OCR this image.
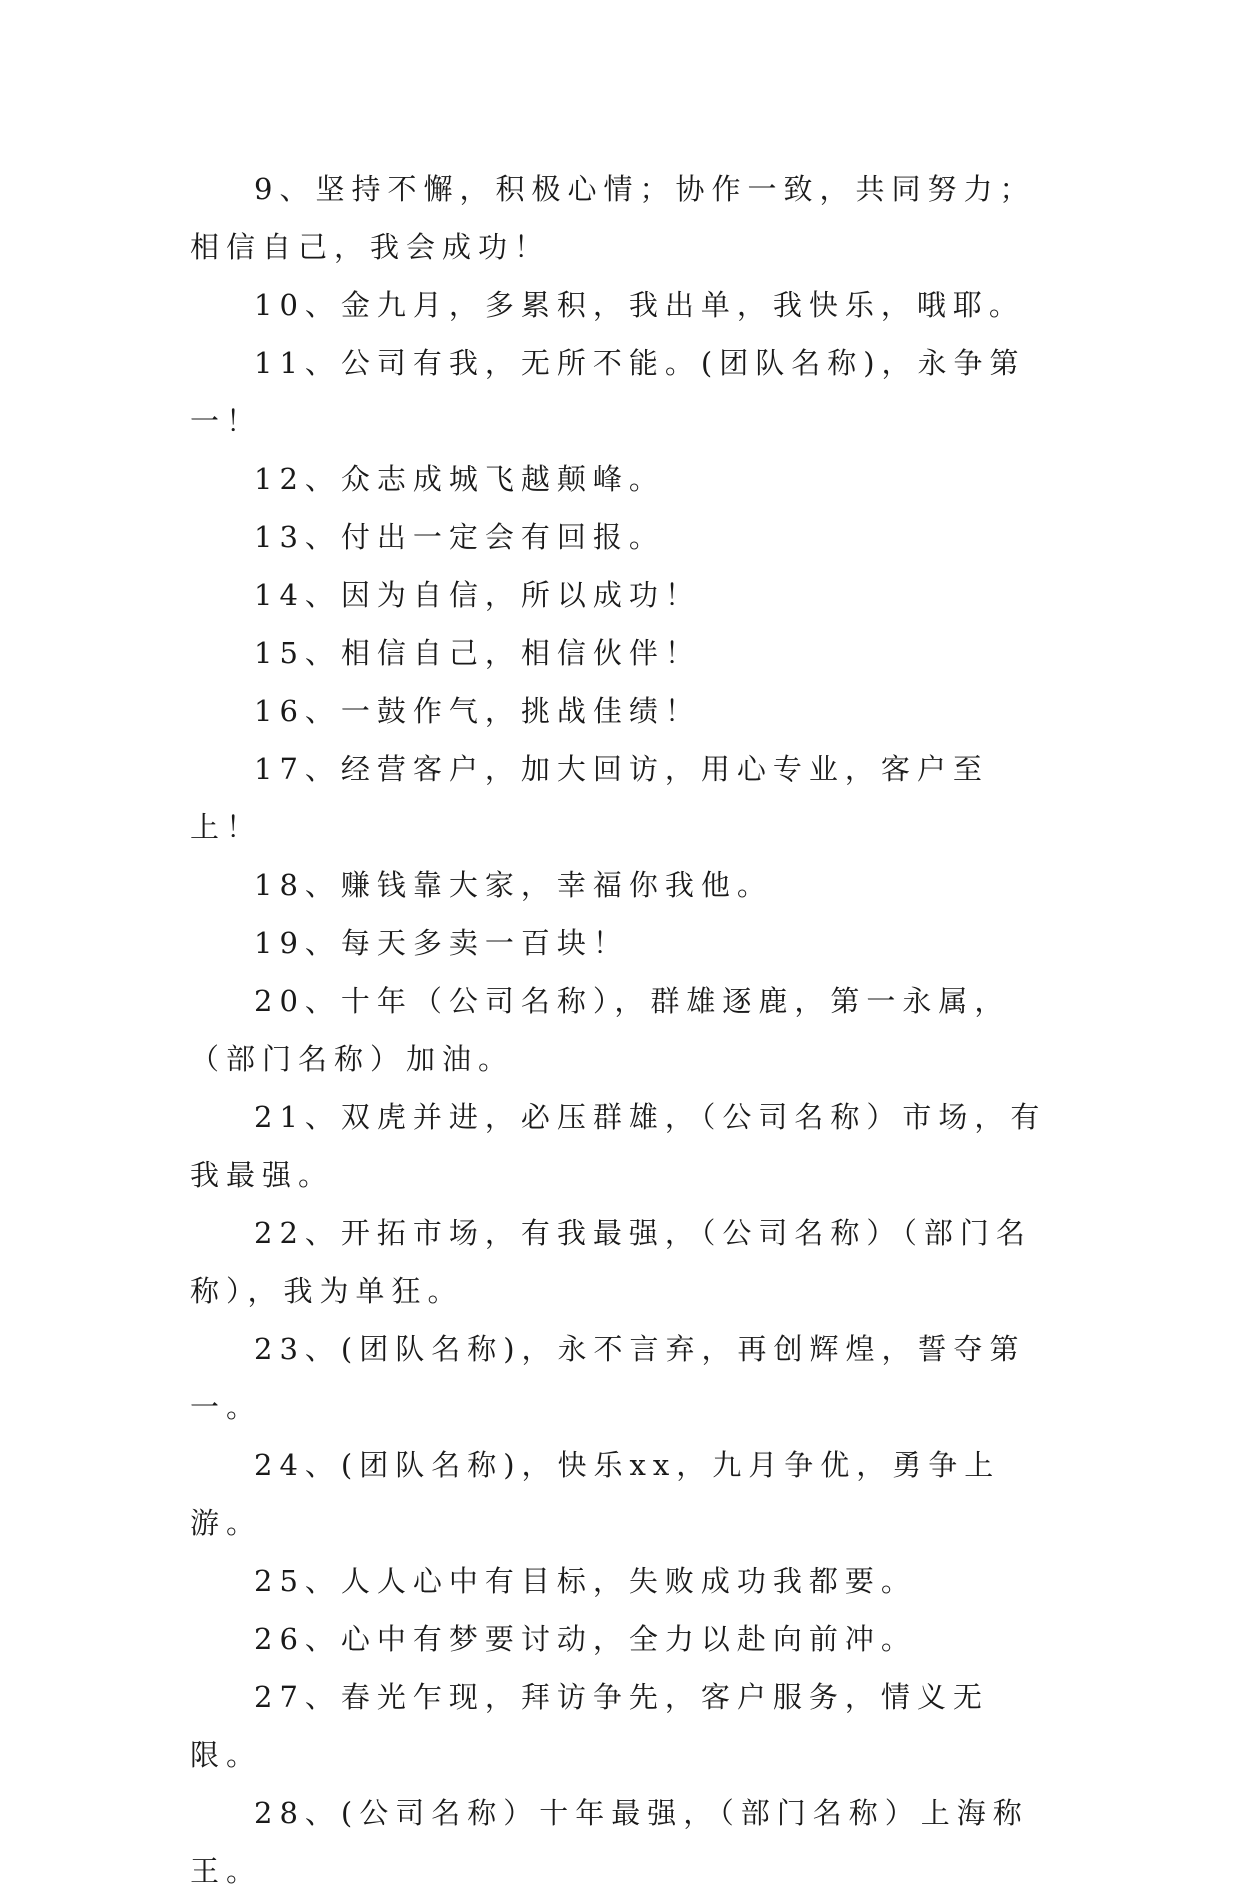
9、坚持不懈，积极心情；协作一致，共同努力；相信自己，我会成功！

10、金九月，多累积，我出单，我快乐，哦耶。

11、公司有我，无所不能。(团队名称)，永争第一！

12、众志成城飞越颠峰。

13、付出一定会有回报。

14、因为自信，所以成功！

15、相信自己，相信伙伴！

16、一鼓作气，挑战佳绩！

17、经营客户，加大回访，用心专业，客户至上！

18、赚钱靠大家，幸福你我他。

19、每天多卖一百块！

20、十年（公司名称），群雄逐鹿，第一永属，（部门名称）加油。

21、双虎并进，必压群雄，（公司名称）市场，有我最强。

22、开拓市场，有我最强，（公司名称）（部门名称），我为单狂。

23、(团队名称)，永不言弃，再创辉煌，誓夺第一。

24、(团队名称)，快乐xx，九月争优，勇争上游。

25、人人心中有目标，失败成功我都要。

26、心中有梦要讨动，全力以赴向前冲。

27、春光乍现，拜访争先，客户服务，情义无限。

28、(公司名称）十年最强，（部门名称）上海称王。
